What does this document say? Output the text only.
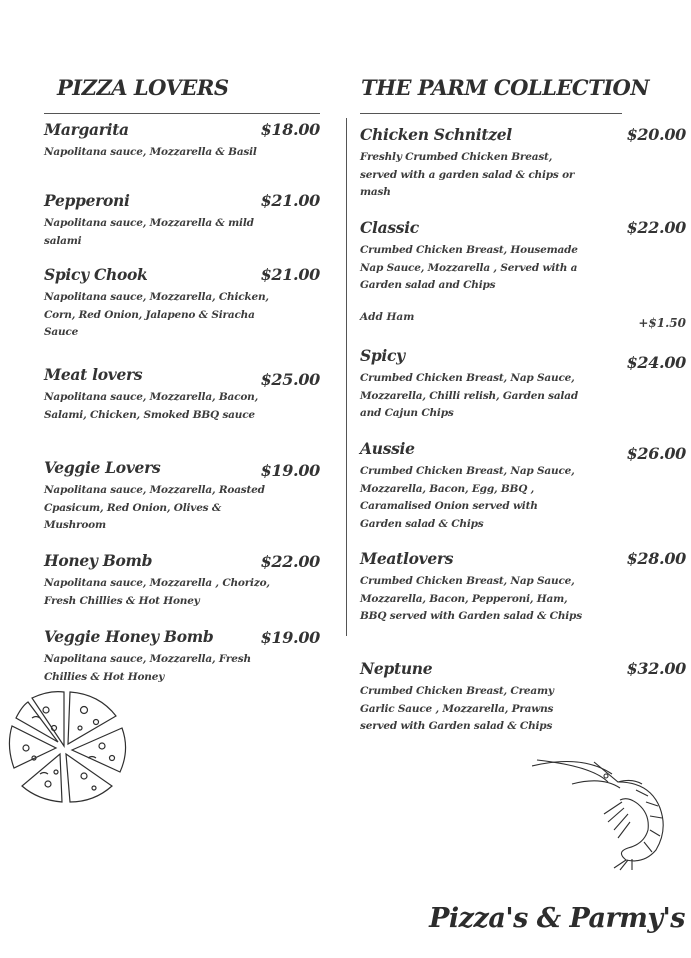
PIZZA LOVERS	THE PARM COLLECTION
Margarita	$18.00
Napolitana sauce, Mozzarella & Basil
Pepperoni	$21.00
Napolitana sauce, Mozzarella & mild salami
Spicy Chook	$21.00
Napolitana sauce, Mozzarella, Chicken, Corn, Red Onion, Jalapeno & Siracha Sauce
Meat lovers	$25.00
Napolitana sauce, Mozzarella, Bacon, Salami, Chicken, Smoked BBQ sauce
Veggie Lovers	$19.00
Napolitana sauce, Mozzarella, Roasted Cpasicum, Red Onion, Olives & Mushroom
Honey Bomb	$22.00
Napolitana sauce, Mozzarella , Chorizo, Fresh Chillies & Hot Honey
Veggie Honey Bomb	$19.00
Napolitana sauce, Mozzarella, Fresh Chillies & Hot Honey
Chicken Schnitzel	$20.00
Freshly Crumbed Chicken Breast, served with a garden salad & chips or mash
Classic	$22.00
Crumbed Chicken Breast, Housemade Nap Sauce, Mozzarella , Served with a Garden salad and Chips
Spicy	$24.00
Crumbed Chicken Breast, Nap Sauce, Mozzarella, Chilli relish, Garden salad and Cajun Chips
Aussie	$26.00
Crumbed Chicken Breast, Nap Sauce, Mozzarella, Bacon, Egg, BBQ , Caramalised Onion served with Garden salad & Chips
Meatlovers	$28.00
Crumbed Chicken Breast, Nap Sauce, Mozzarella, Bacon, Pepperoni, Ham, BBQ served with Garden salad & Chips
Neptune	$32.00
Crumbed Chicken Breast, Creamy Garlic Sauce , Mozzarella, Prawns served with Garden salad & Chips
Add Ham	+$1.50
Pizza's & Parmy's
